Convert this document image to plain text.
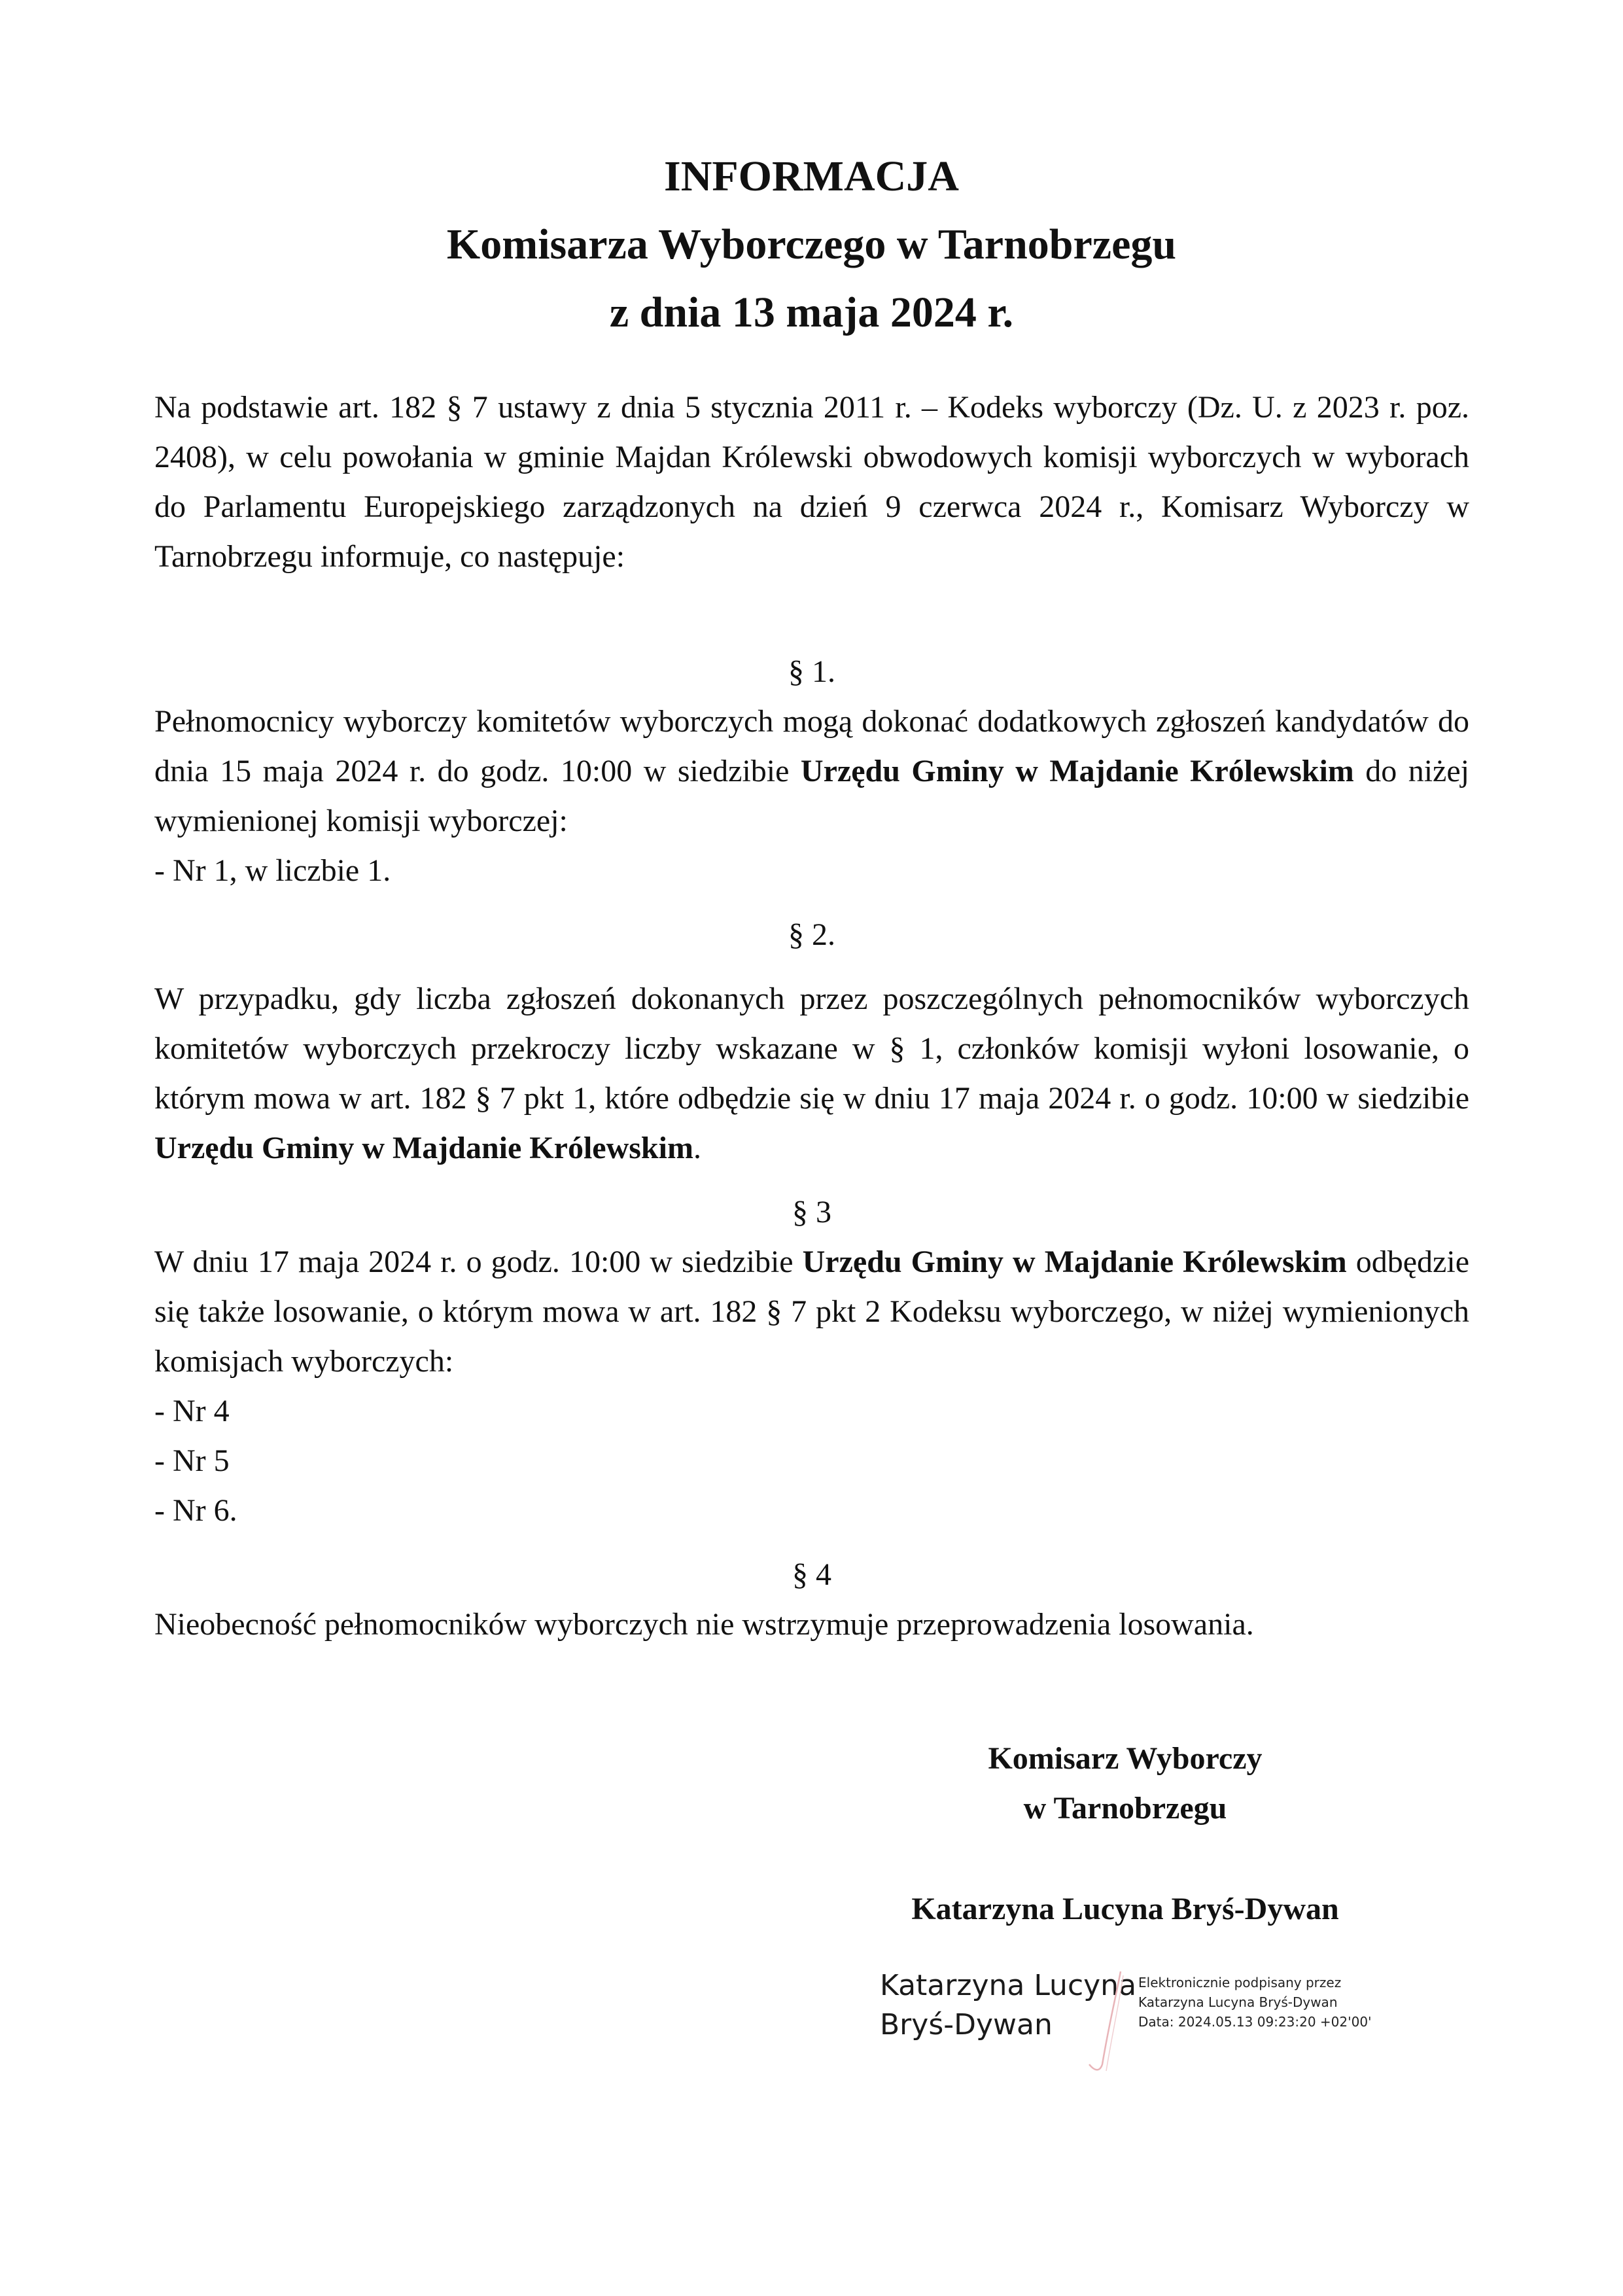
INFORMACJA
Komisarza Wyborczego w Tarnobrzegu
z dnia 13 maja 2024 r.

Na podstawie art. 182 § 7 ustawy z dnia 5 stycznia 2011 r. – Kodeks wyborczy (Dz. U. z 2023 r. poz. 2408), w celu powołania w gminie Majdan Królewski obwodowych komisji wyborczych w wyborach do Parlamentu Europejskiego zarządzonych na dzień 9 czerwca 2024 r., Komisarz Wyborczy w Tarnobrzegu informuje, co następuje:

§ 1.

Pełnomocnicy wyborczy komitetów wyborczych mogą dokonać dodatkowych zgłoszeń kandydatów do dnia 15 maja 2024 r. do godz. 10:00 w siedzibie Urzędu Gminy w Majdanie Królewskim do niżej wymienionej komisji wyborczej:

- Nr 1, w liczbie 1.

§ 2.

W przypadku, gdy liczba zgłoszeń dokonanych przez poszczególnych pełnomocników wyborczych komitetów wyborczych przekroczy liczby wskazane w § 1, członków komisji wyłoni losowanie, o którym mowa w art. 182 § 7 pkt 1, które odbędzie się w dniu 17 maja 2024 r. o godz. 10:00 w siedzibie Urzędu Gminy w Majdanie Królewskim.

§ 3

W dniu 17 maja 2024 r. o godz. 10:00 w siedzibie Urzędu Gminy w Majdanie Królewskim odbędzie się także losowanie, o którym mowa w art. 182 § 7 pkt 2 Kodeksu wyborczego, w niżej wymienionych komisjach wyborczych:

- Nr 4

- Nr 5

- Nr 6.

§ 4

Nieobecność pełnomocników wyborczych nie wstrzymuje przeprowadzenia losowania.

Komisarz Wyborczy
w Tarnobrzegu
Katarzyna Lucyna Bryś-Dywan
Katarzyna Lucyna
Bryś-Dywan
Elektronicznie podpisany przez
Katarzyna Lucyna Bryś-Dywan
Data: 2024.05.13 09:23:20 +02'00'
